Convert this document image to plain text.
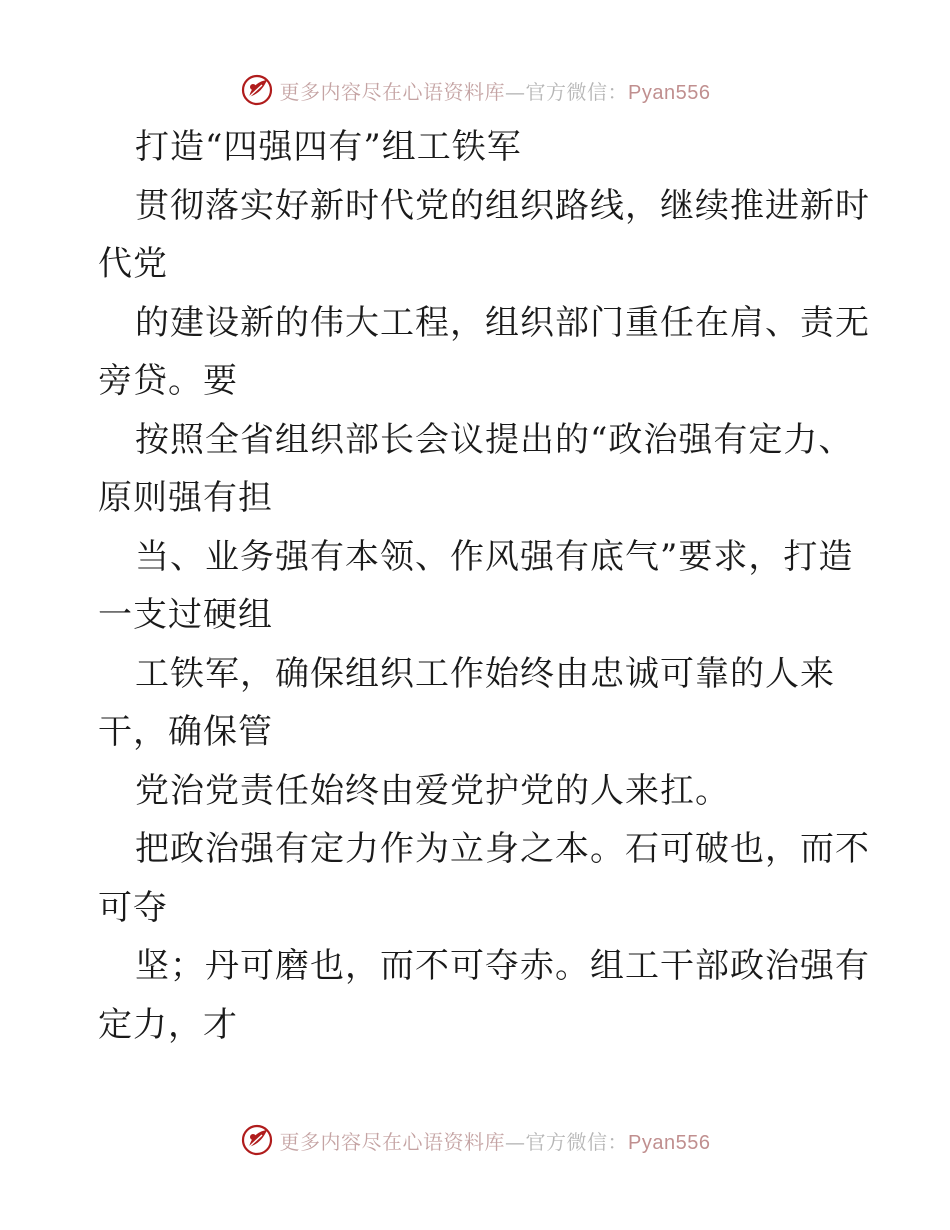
更多内容尽在心语资料库—官方微信：Pyan556
打造“四强四有”组工铁军
贯彻落实好新时代党的组织路线，继续推进新时
代党
的建设新的伟大工程，组织部门重任在肩、责无
旁贷。要
按照全省组织部长会议提出的“政治强有定力、
原则强有担
当、业务强有本领、作风强有底气”要求，打造
一支过硬组
工铁军，确保组织工作始终由忠诚可靠的人来
干，确保管
党治党责任始终由爱党护党的人来扛。
把政治强有定力作为立身之本。石可破也，而不
可夺
坚；丹可磨也，而不可夺赤。组工干部政治强有
定力，才
更多内容尽在心语资料库—官方微信：Pyan556
